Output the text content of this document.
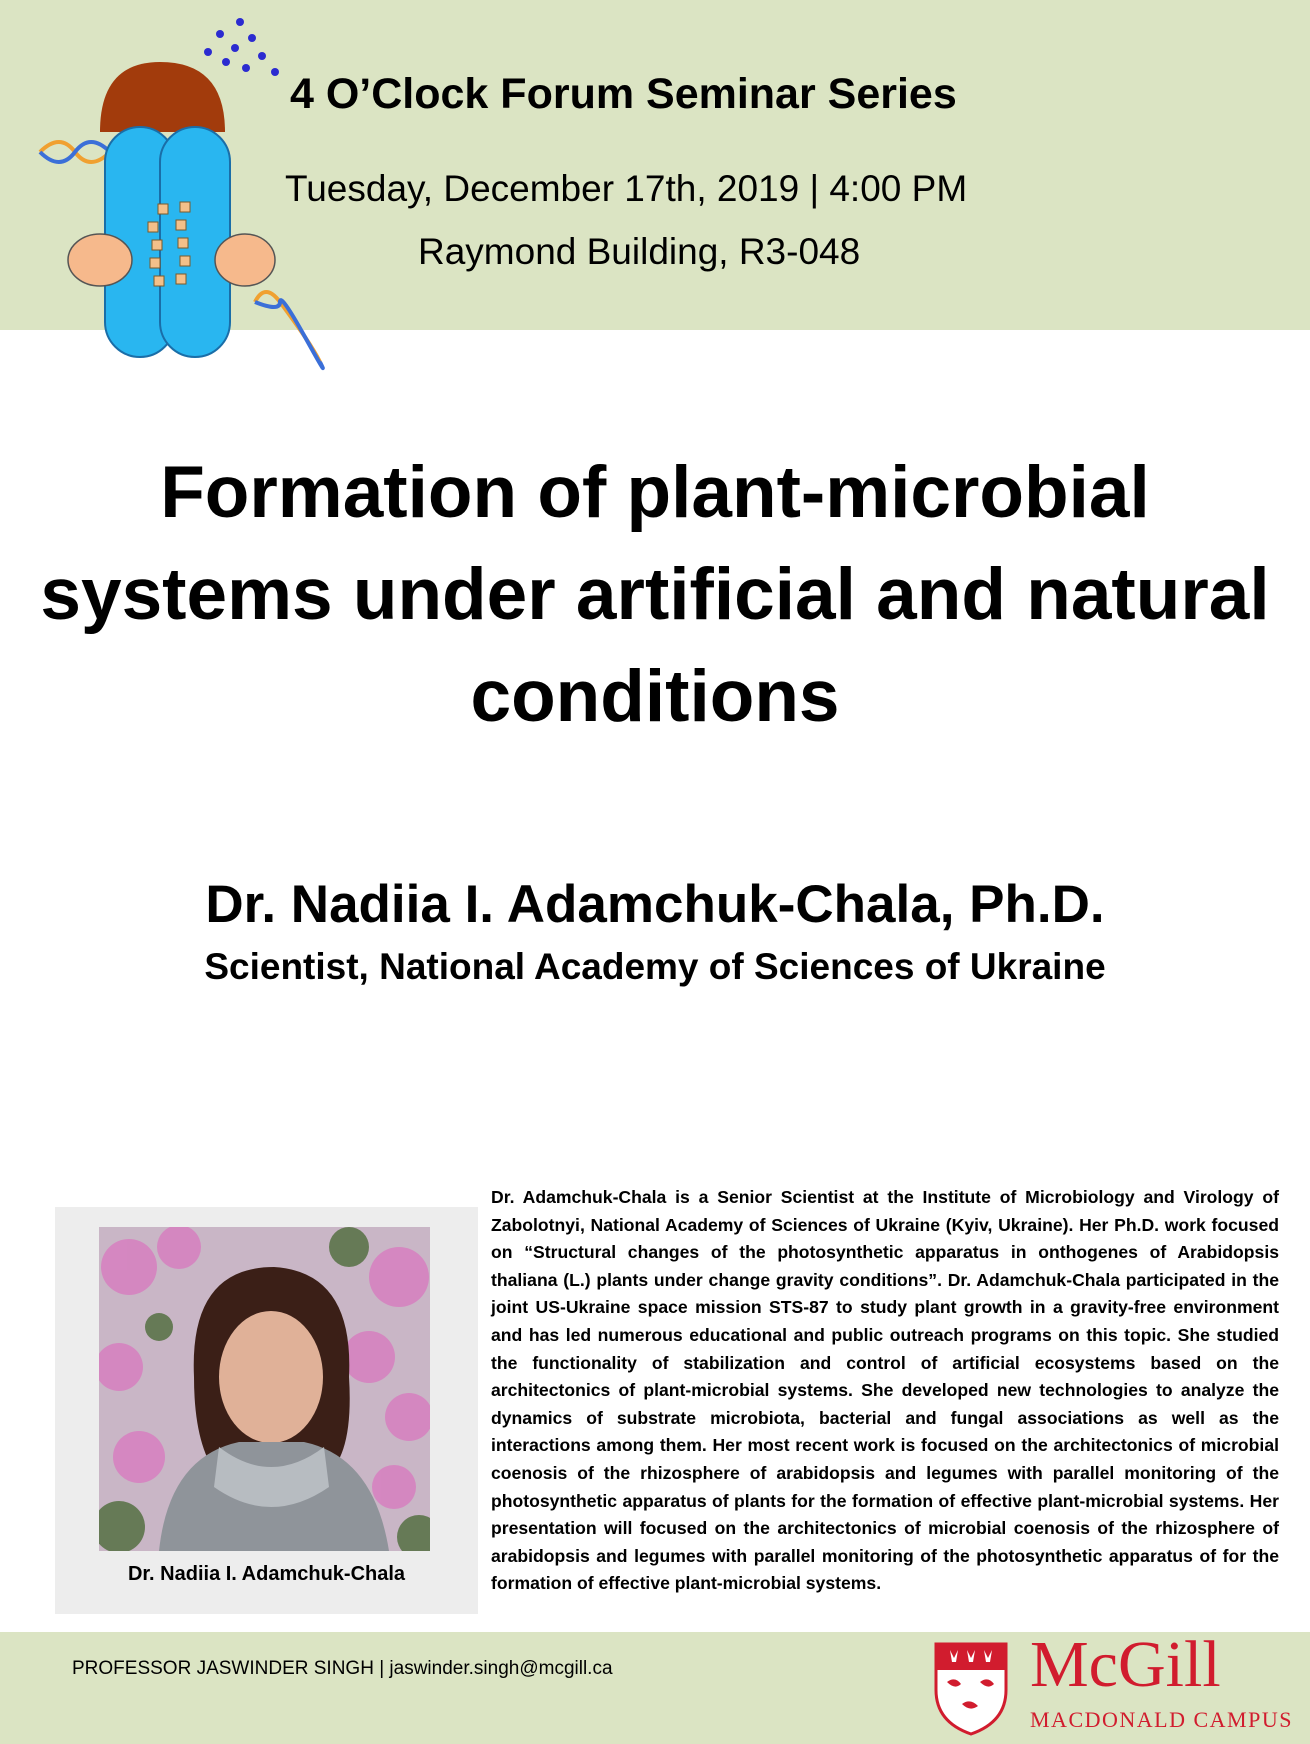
4 O’Clock Forum Seminar Series
Tuesday, December 17th, 2019 | 4:00 PM
Raymond Building, R3-048
Formation of plant-microbial systems under artificial and natural conditions
Dr. Nadiia I. Adamchuk-Chala, Ph.D.
Scientist, National Academy of Sciences of Ukraine
Dr. Nadiia I. Adamchuk-Chala
Dr. Adamchuk-Chala is a Senior Scientist at the Institute of Microbiology and Virology of Zabolotnyi, National Academy of Sciences of Ukraine (Kyiv, Ukraine). Her Ph.D. work focused on “Structural changes of the photosynthetic apparatus in onthogenes of Arabidopsis thaliana (L.) plants under change gravity conditions”. Dr. Adamchuk-Chala participated in the joint US-Ukraine space mission STS-87 to study plant growth in a gravity-free environment and has led numerous educational and public outreach programs on this topic. She studied the functionality of stabilization and control of artificial ecosystems based on the architectonics of plant-microbial systems. She developed new technologies to analyze the dynamics of substrate microbiota, bacterial and fungal associations as well as the interactions among them. Her most recent work is focused on the architectonics of microbial coenosis of the rhizosphere of arabidopsis and legumes with parallel monitoring of the photosynthetic apparatus of plants for the formation of effective plant-microbial systems. Her presentation will focused on the architectonics of microbial coenosis of the rhizosphere of arabidopsis and legumes with parallel monitoring of the photosynthetic apparatus of for the formation of effective plant-microbial systems.
PROFESSOR JASWINDER SINGH | jaswinder.singh@mcgill.ca	McGill
MACDONALD CAMPUS
